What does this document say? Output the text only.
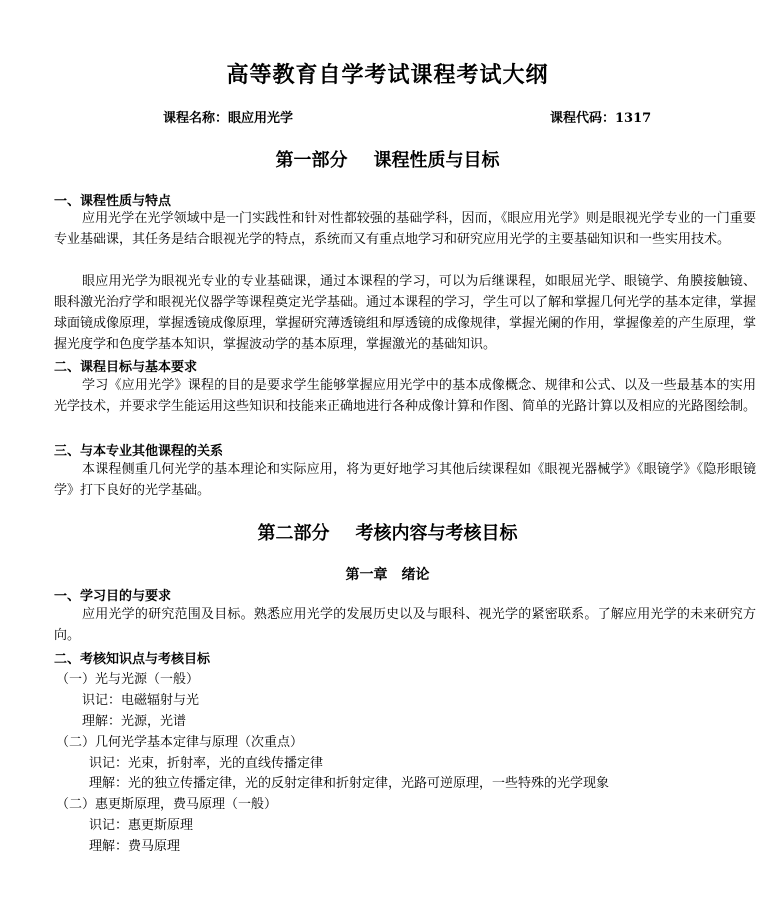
高等教育自学考试课程考试大纲
课程名称：眼应用光学	课程代码：1317
第一部分 课程性质与目标
一、课程性质与特点
应用光学在光学领域中是一门实践性和针对性都较强的基础学科，因而，《眼应用光学》则是眼视光学专业的一门重要专业基础课，其任务是结合眼视光学的特点，系统而又有重点地学习和研究应用光学的主要基础知识和一些实用技术。
眼应用光学为眼视光专业的专业基础课，通过本课程的学习，可以为后继课程，如眼屈光学、眼镜学、角膜接触镜、眼科激光治疗学和眼视光仪器学等课程奠定光学基础。通过本课程的学习，学生可以了解和掌握几何光学的基本定律，掌握球面镜成像原理，掌握透镜成像原理，掌握研究薄透镜组和厚透镜的成像规律，掌握光阑的作用，掌握像差的产生原理，掌握光度学和色度学基本知识，掌握波动学的基本原理，掌握激光的基础知识。
二、课程目标与基本要求
学习《应用光学》课程的目的是要求学生能够掌握应用光学中的基本成像概念、规律和公式、以及一些最基本的实用光学技术，并要求学生能运用这些知识和技能来正确地进行各种成像计算和作图、简单的光路计算以及相应的光路图绘制。
三、与本专业其他课程的关系
本课程侧重几何光学的基本理论和实际应用，将为更好地学习其他后续课程如《眼视光器械学》《眼镜学》《隐形眼镜学》打下良好的光学基础。
第二部分 考核内容与考核目标
第一章　绪论
一、学习目的与要求
应用光学的研究范围及目标。熟悉应用光学的发展历史以及与眼科、视光学的紧密联系。了解应用光学的未来研究方向。
二、考核知识点与考核目标
（一）光与光源（一般）
识记：电磁辐射与光
理解：光源，光谱
（二）几何光学基本定律与原理（次重点）
识记：光束，折射率，光的直线传播定律
理解：光的独立传播定律，光的反射定律和折射定律，光路可逆原理，一些特殊的光学现象
（二）惠更斯原理，费马原理（一般）
识记：惠更斯原理
理解：费马原理
